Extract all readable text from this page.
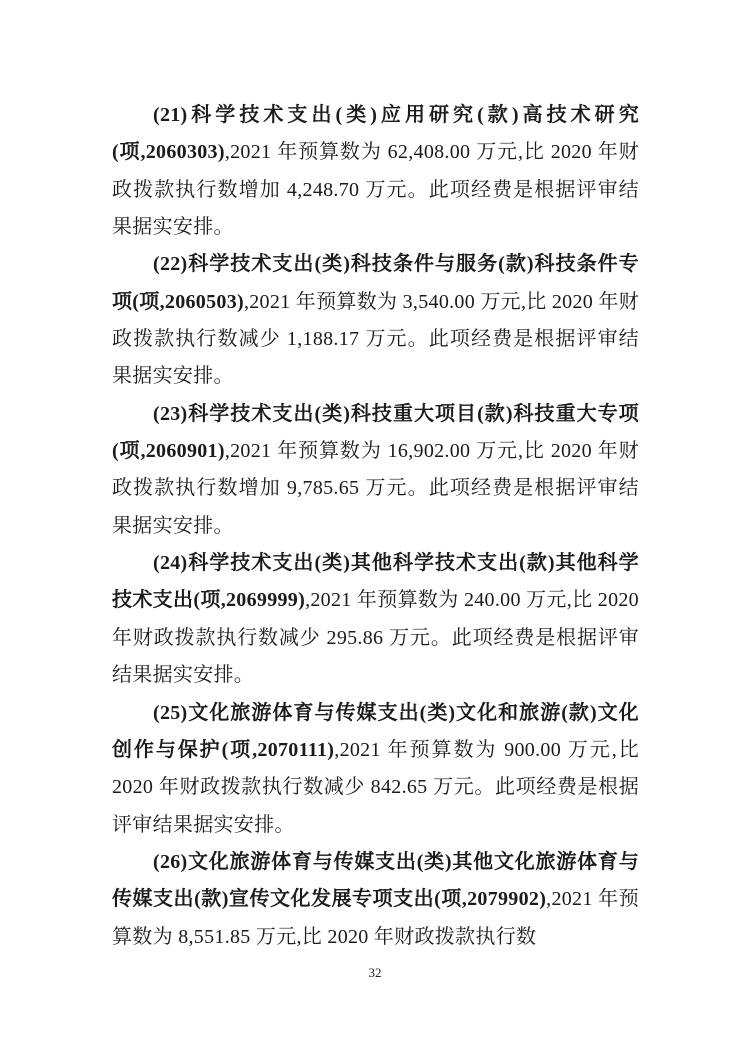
(21)科学技术支出(类)应用研究(款)高技术研究(项,2060303),2021 年预算数为 62,408.00 万元,比 2020 年财政拨款执行数增加 4,248.70 万元。此项经费是根据评审结果据实安排。

(22)科学技术支出(类)科技条件与服务(款)科技条件专项(项,2060503),2021 年预算数为 3,540.00 万元,比 2020 年财政拨款执行数减少 1,188.17 万元。此项经费是根据评审结果据实安排。

(23)科学技术支出(类)科技重大项目(款)科技重大专项(项,2060901),2021 年预算数为 16,902.00 万元,比 2020 年财政拨款执行数增加 9,785.65 万元。此项经费是根据评审结果据实安排。

(24)科学技术支出(类)其他科学技术支出(款)其他科学技术支出(项,2069999),2021 年预算数为 240.00 万元,比 2020 年财政拨款执行数减少 295.86 万元。此项经费是根据评审结果据实安排。

(25)文化旅游体育与传媒支出(类)文化和旅游(款)文化创作与保护(项,2070111),2021 年预算数为 900.00 万元,比 2020 年财政拨款执行数减少 842.65 万元。此项经费是根据评审结果据实安排。

(26)文化旅游体育与传媒支出(类)其他文化旅游体育与传媒支出(款)宣传文化发展专项支出(项,2079902),2021 年预算数为 8,551.85 万元,比 2020 年财政拨款执行数

32
